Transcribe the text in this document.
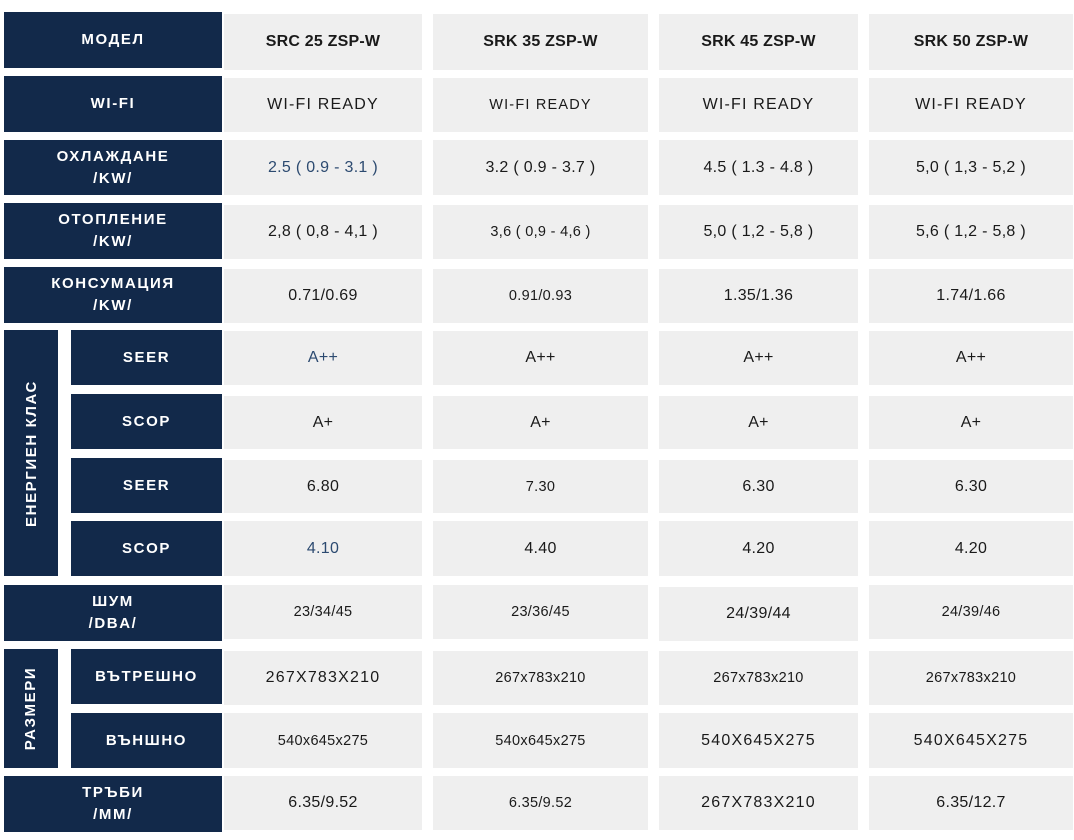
МОДЕЛ	SRC 25 ZSP-W	SRK 35 ZSP-W	SRK 45 ZSP-W	SRK 50 ZSP-W
WI-FI	WI-FI READY	WI-FI READY	WI-FI READY	WI-FI READY
ОХЛАЖДАНЕ
/KW/
2.5 ( 0.9 - 3.1 )	3.2 ( 0.9 - 3.7 )	4.5 ( 1.3 - 4.8 )	5,0 ( 1,3 - 5,2 )
ОТОПЛЕНИЕ
/KW/
2,8 ( 0,8 - 4,1 )	3,6 ( 0,9 - 4,6 )	5,0 ( 1,2 - 5,8 )	5,6 ( 1,2 - 5,8 )
КОНСУМАЦИЯ
/KW/
0.71/0.69	0.91/0.93	1.35/1.36	1.74/1.66
ЕНЕРГИЕН КЛАС
SEER	A++	A++	A++	A++
SCOP	A+	A+	A+	A+
SEER	6.80	7.30	6.30	6.30
SCOP	4.10	4.40	4.20	4.20
ШУМ
/DBA/
23/34/45	23/36/45	24/39/44	24/39/46
РАЗМЕРИ	ВЪТРЕШНО	267X783X210	267x783x210	267x783x210	267x783x210
ВЪНШНО	540x645x275	540x645x275	540X645X275	540X645X275
ТРЪБИ
/MM/
6.35/9.52	6.35/9.52	267X783X210	6.35/12.7
